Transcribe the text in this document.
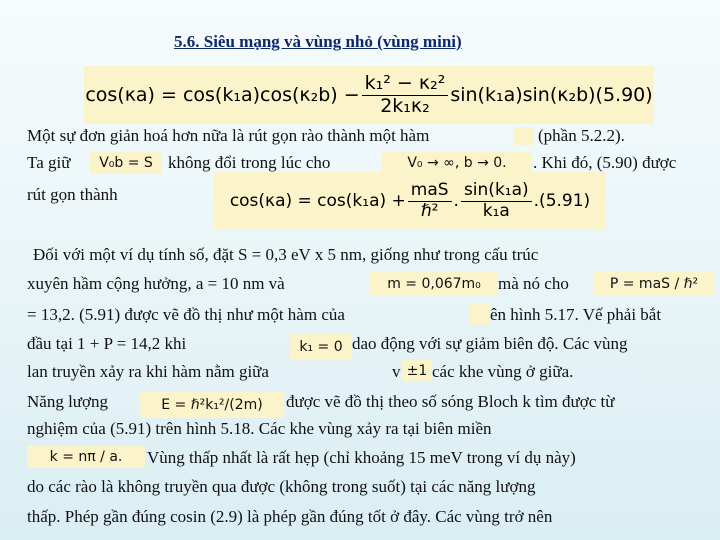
5.6. Siêu mạng và vùng nhỏ (vùng mini)
$\cos(\kappa a) = \cos(k_1a)\cos(\kappa_2b) - \frac{\text{k₁² − κ₂²}}{\text{2k₁κ₂}} \sin(k_1a)\sin(\kappa_2b)(5.90)$
Một sự đơn giản hoá hơn nữa là rút gọn rào thành một hàm	(phần 5.2.2).
Ta giữ	V₀b = S không đổi trong lúc cho	V₀ → ∞, b → 0.	. Khi đó, (5.90) được
rút gọn thành	$\cos(\kappa a) = \cos(k_1a) + \frac{\text{maS}}{\text{ℏ²}}$ . $\frac{\text{sin(k₁a)}}{\text{k₁a}} .(5.91)$
Đối với một ví dụ tính số, đặt S = 0,3 eV x 5 nm, giống như trong cấu trúc
xuyên hầm cộng hưởng, a = 10 nm và	m = 0,067m₀	mà nó cho	P = maS / ℏ²
= 13,2. (5.91) được vẽ đồ thị như một hàm của	ên hình 5.17. Vế phải bắt
đầu tại 1 + P = 14,2 khi	k₁ = 0 dao động với sự giảm biên độ. Các vùng
lan truyền xảy ra khi hàm nằm giữa	v ±1 các khe vùng ở giữa.
Năng lượng	E = ℏ²k₁²/(2m)	được vẽ đồ thị theo số sóng Bloch k tìm được từ
nghiệm của (5.91) trên hình 5.18. Các khe vùng xảy ra tại biên miền
k = nπ / a.	Vùng thấp nhất là rất hẹp (chỉ khoảng 15 meV trong ví dụ này)
do các rào là không truyền qua được (không trong suốt) tại các năng lượng
thấp. Phép gần đúng cosin (2.9) là phép gần đúng tốt ở đây. Các vùng trở nên
